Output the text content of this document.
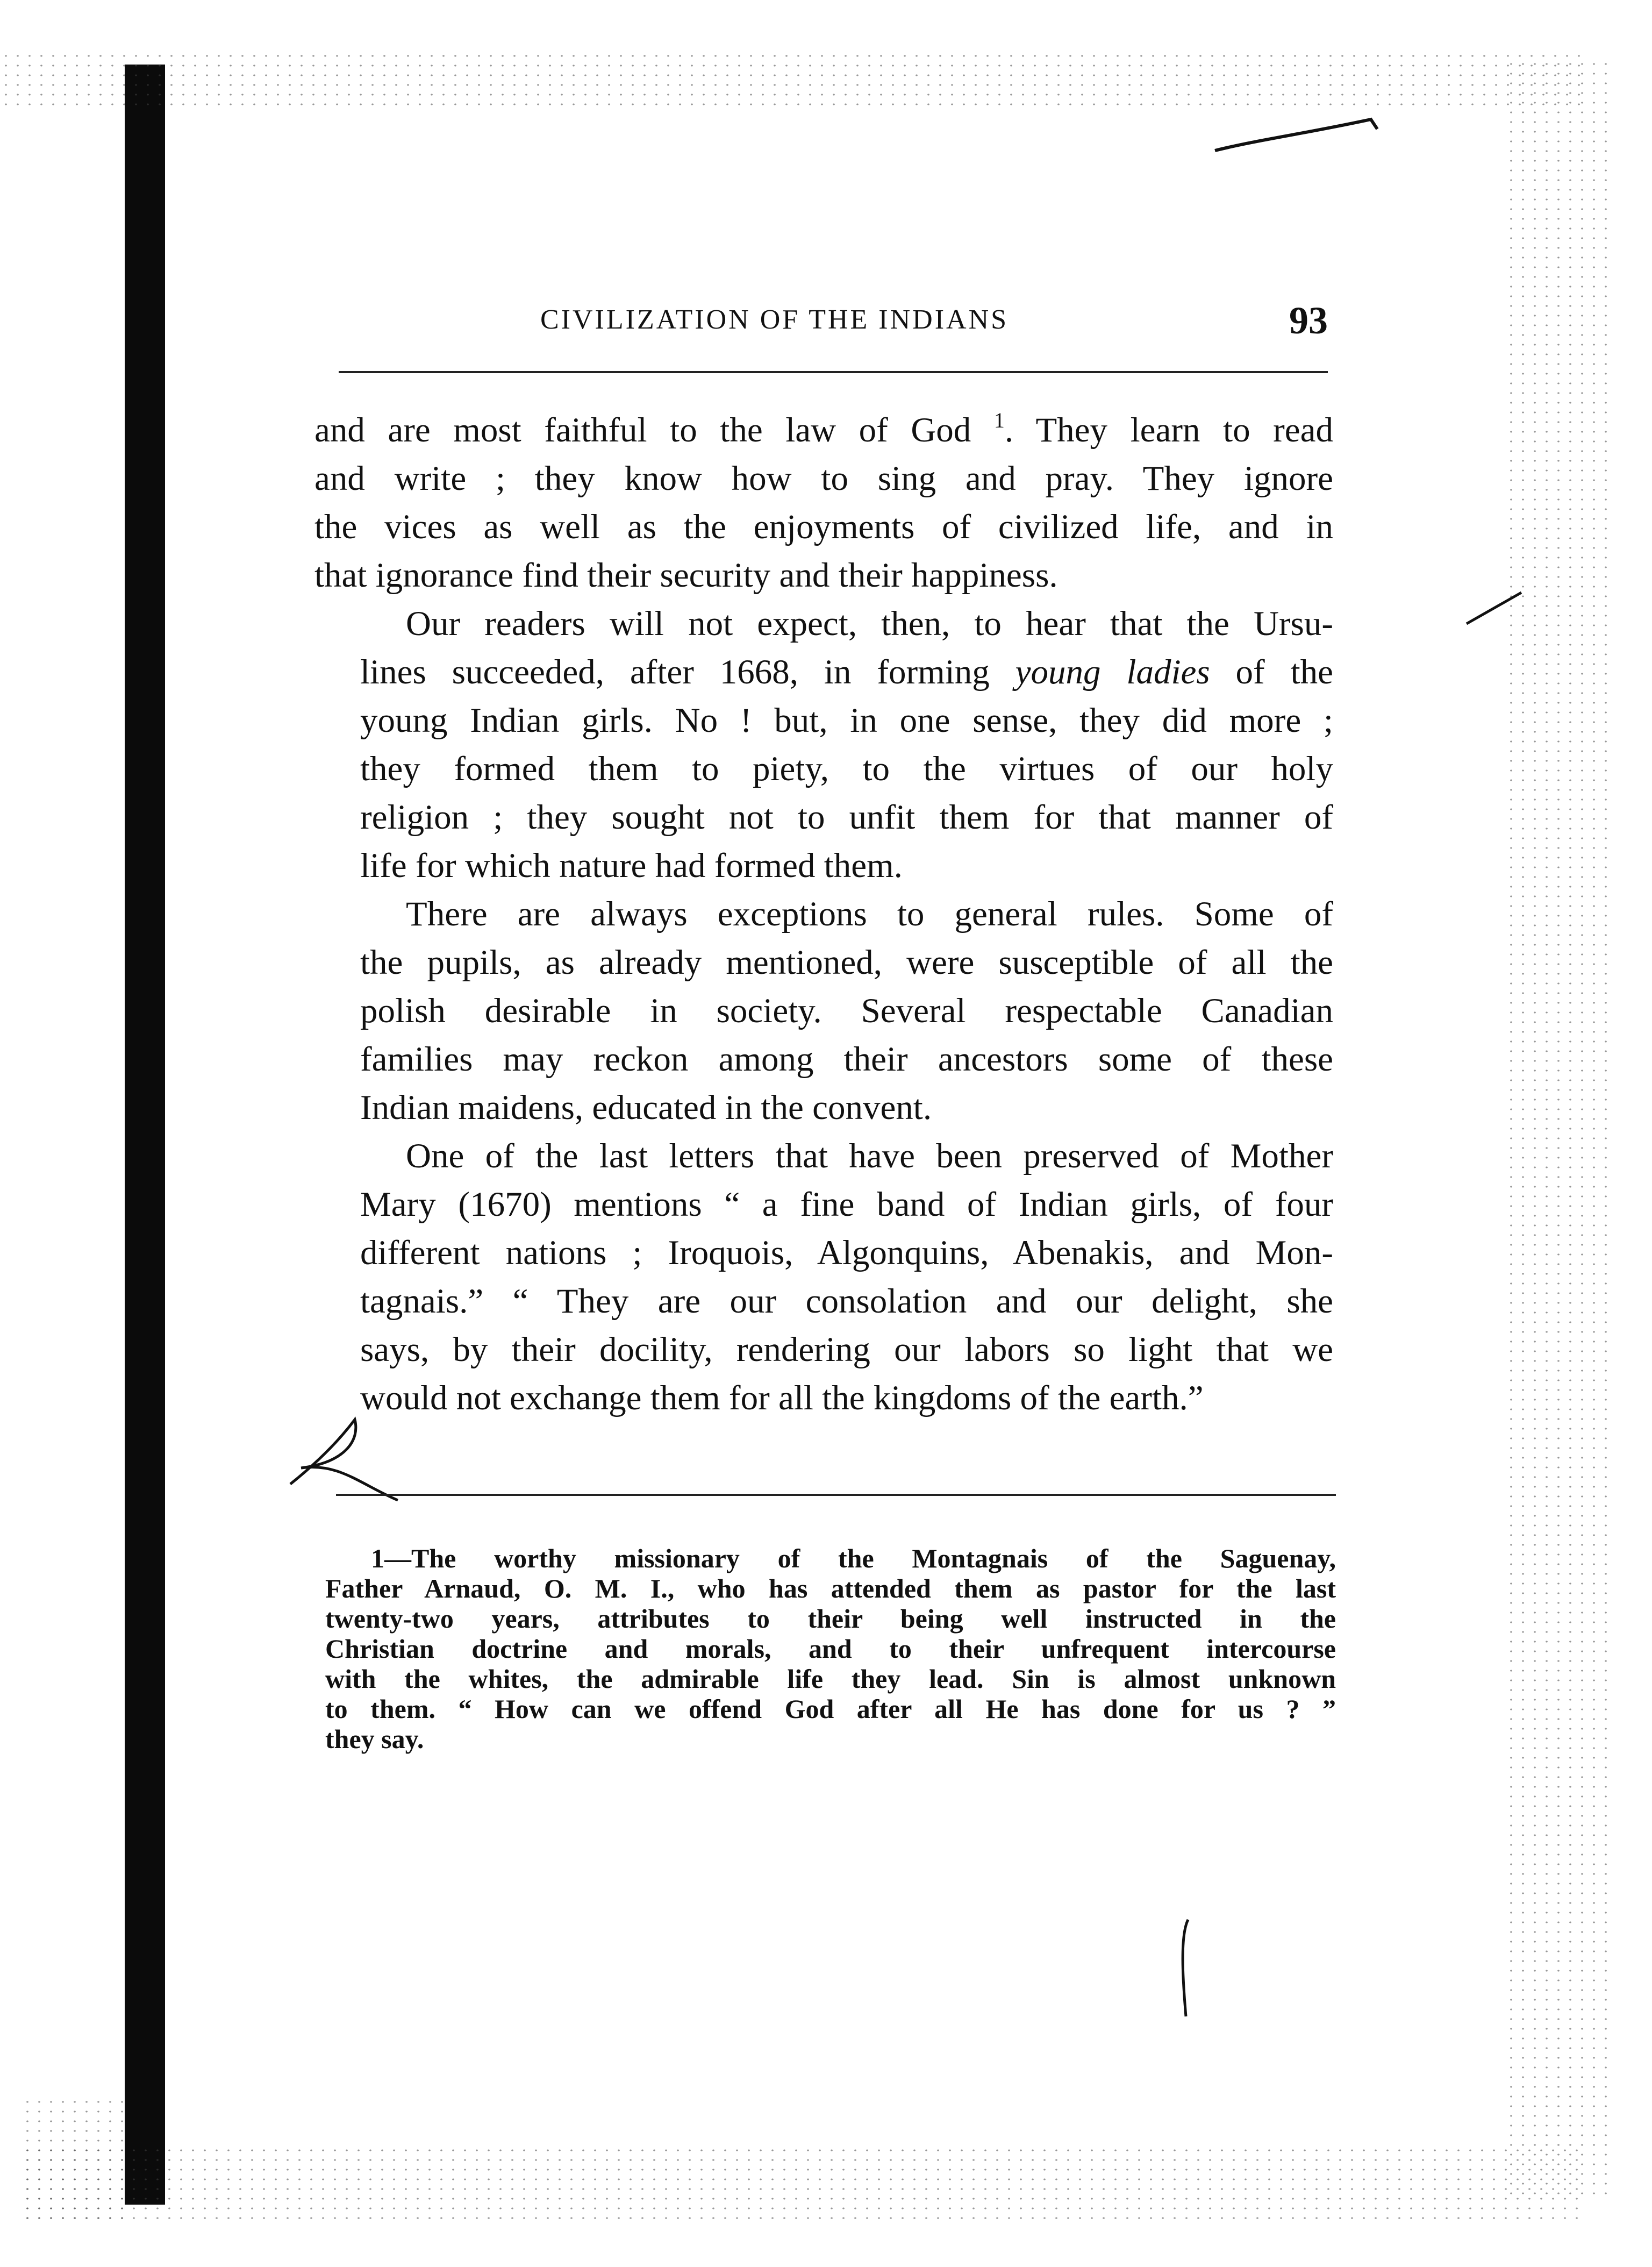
CIVILIZATION OF THE INDIANS	93
and are most faithful to the law of God $^1$. They learn to read
and write ; they know how to sing and pray. They ignore
the vices as well as the enjoyments of civilized life, and in
that ignorance find their security and their happiness.
Our readers will not expect, then, to hear that the Ursu-
lines succeeded, after 1668, in forming young ladies of the
young Indian girls. No ! but, in one sense, they did more ;
they formed them to piety, to the virtues of our holy
religion ; they sought not to unfit them for that manner of
life for which nature had formed them.
There are always exceptions to general rules. Some of
the pupils, as already mentioned, were susceptible of all the
polish desirable in society. Several respectable Canadian
families may reckon among their ancestors some of these
Indian maidens, educated in the convent.
One of the last letters that have been preserved of Mother
Mary (1670) mentions “ a fine band of Indian girls, of four
different nations ; Iroquois, Algonquins, Abenakis, and Mon-
tagnais.” “ They are our consolation and our delight, she
says, by their docility, rendering our labors so light that we
would not exchange them for all the kingdoms of the earth.”
1—The worthy missionary of the Montagnais of the Saguenay,
Father Arnaud, O. M. I., who has attended them as pastor for the last
twenty-two years, attributes to their being well instructed in the
Christian doctrine and morals, and to their unfrequent intercourse
with the whites, the admirable life they lead. Sin is almost unknown
to them. “ How can we offend God after all He has done for us ? ”
they say.
